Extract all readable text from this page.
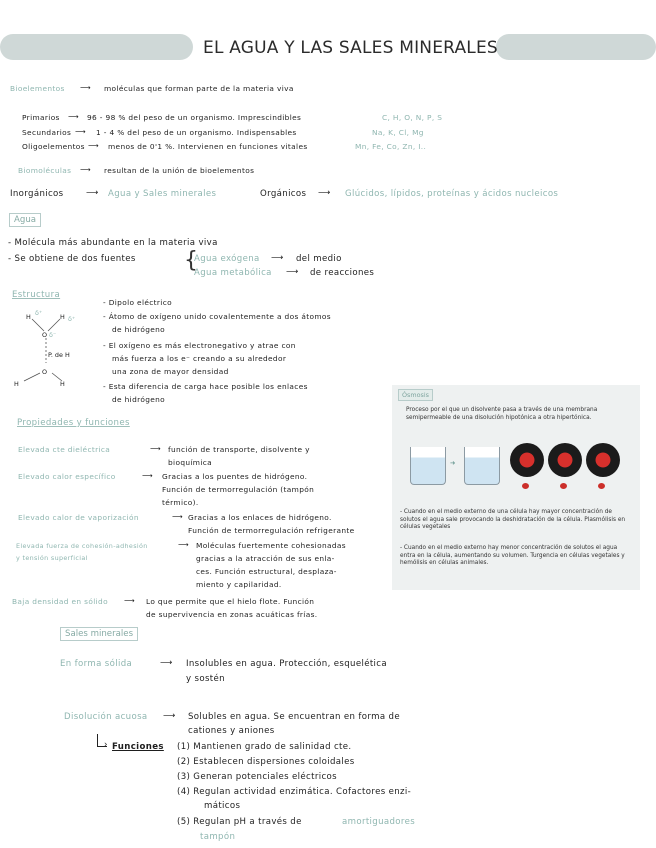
EL AGUA Y LAS SALES MINERALES
Bioelementos ⟶ moléculas que forman parte de la materia viva
Primarios ⟶ 96 - 98 % del peso de un organismo. Imprescindibles	C, H, O, N, P, S
Secundarios ⟶ 1 - 4 % del peso de un organismo. Indispensables	Na, K, Cl, Mg
Oligoelementos ⟶ menos de 0'1 %. Intervienen en funciones vitales	Mn, Fe, Co, Zn, I..
Biomoléculas ⟶ resultan de la unión de bioelementos
Inorgánicos	⟶ Agua y Sales minerales	Orgánicos ⟶ Glúcidos, lípidos, proteínas y ácidos nucleicos
Agua
- Molécula más abundante en la materia viva
- Se obtiene de dos fuentes {
Agua exógena ⟶ del medio
Agua metabólica ⟶ de reacciones
Estructura
H	H
δ⁺
δ⁺
O δ⁻
P. de H
O
H	H
- Dipolo eléctrico
- Átomo de oxígeno unido covalentemente a dos átomos
de hidrógeno
- El oxígeno es más electronegativo y atrae con
más fuerza a los e⁻ creando a su alrededor
una zona de mayor densidad
- Esta diferencia de carga hace posible los enlaces
de hidrógeno
Propiedades y funciones
Elevada cte dieléctrica	⟶ función de transporte, disolvente y
bioquímica
Elevado calor específico	⟶ Gracias a los puentes de hidrógeno.
Función de termorregulación (tampón
térmico).
Elevado calor de vaporización	⟶ Gracias a los enlaces de hidrógeno.
Función de termorregulación refrigerante
Elevada fuerza de cohesión-adhesión
y tensión superficial
⟶ Moléculas fuertemente cohesionadas
gracias a la atracción de sus enla-
ces. Función estructural, desplaza-
miento y capilaridad.
Baja densidad en sólido ⟶ Lo que permite que el hielo flote. Función
de supervivencia en zonas acuáticas frías.
Ósmosis
Proceso por el que un disolvente pasa a través de una membrana semipermeable de una disolución hipotónica a otra hipertónica.
➜
- Cuando en el medio externo de una célula hay mayor concentración de solutos el agua sale provocando la deshidratación de la célula. Plasmólisis en células vegetales
- Cuando en el medio externo hay menor concentración de solutos el agua entra en la célula, aumentando su volumen. Turgencia en células vegetales y hemólisis en células animales.
Sales minerales
En forma sólida	⟶ Insolubles en agua. Protección, esquelética
y sostén
Disolución acuosa ⟶ Solubles en agua. Se encuentran en forma de
cationes y aniones
› Funciones (1) Mantienen grado de salinidad cte.
(2) Establecen dispersiones coloidales
(3) Generan potenciales eléctricos
(4) Regulan actividad enzimática. Cofactores enzi-
máticos
(5) Regulan pH a través de	amortiguadores
tampón
